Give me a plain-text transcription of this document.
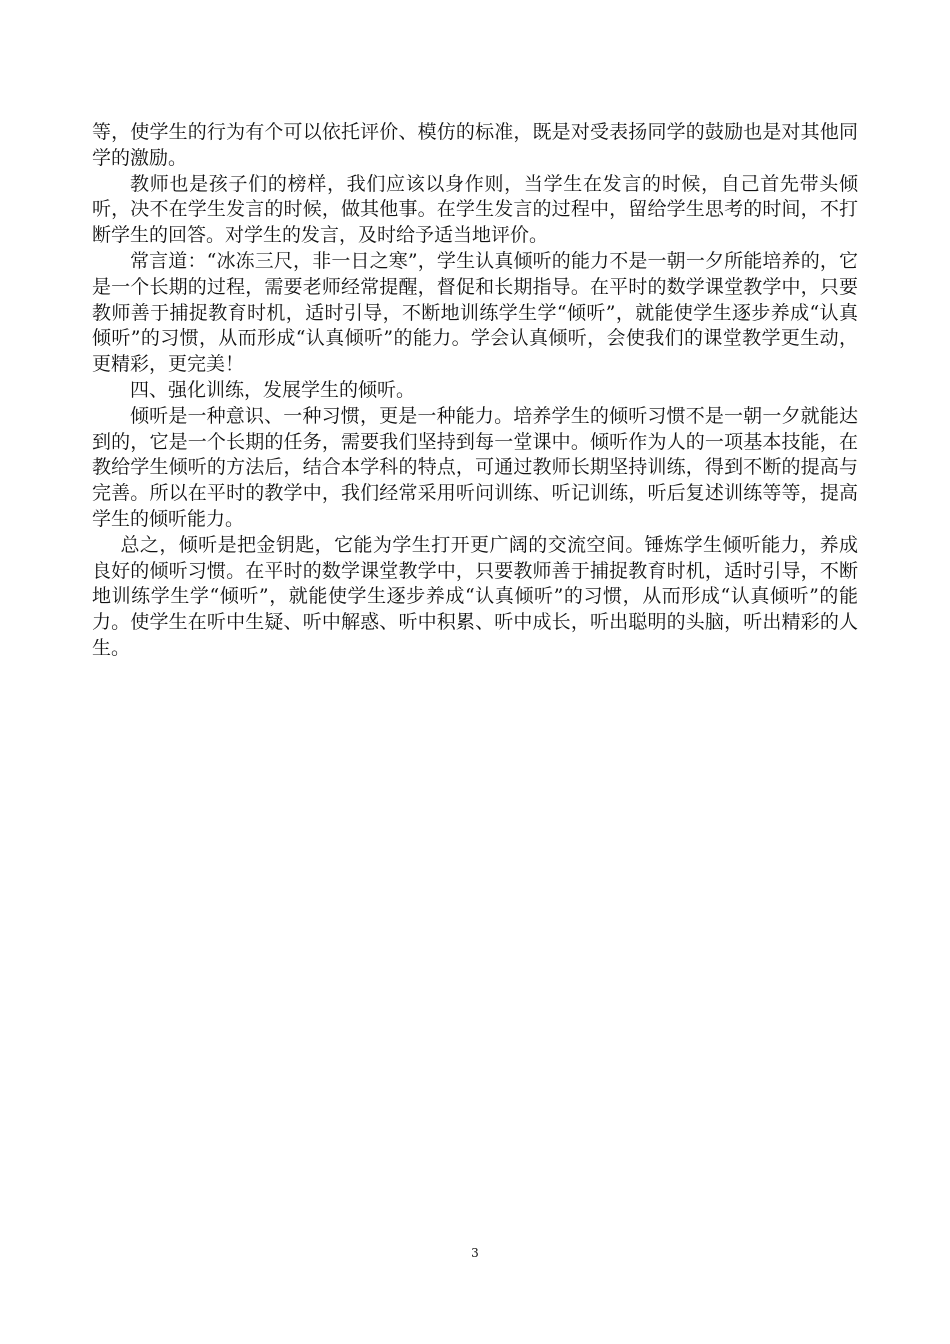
等，使学生的行为有个可以依托评价、模仿的标准，既是对受表扬同学的鼓励也是对其他同学的激励。

教师也是孩子们的榜样，我们应该以身作则，当学生在发言的时候，自己首先带头倾听，决不在学生发言的时候，做其他事。在学生发言的过程中，留给学生思考的时间，不打断学生的回答。对学生的发言，及时给予适当地评价。

常言道：“冰冻三尺，非一日之寒”，学生认真倾听的能力不是一朝一夕所能培养的，它是一个长期的过程，需要老师经常提醒，督促和长期指导。在平时的数学课堂教学中，只要教师善于捕捉教育时机，适时引导，不断地训练学生学“倾听”，就能使学生逐步养成“认真倾听”的习惯，从而形成“认真倾听”的能力。学会认真倾听，会使我们的课堂教学更生动，更精彩，更完美！

四、强化训练，发展学生的倾听。

倾听是一种意识、一种习惯，更是一种能力。培养学生的倾听习惯不是一朝一夕就能达到的，它是一个长期的任务，需要我们坚持到每一堂课中。倾听作为人的一项基本技能，在教给学生倾听的方法后，结合本学科的特点，可通过教师长期坚持训练，得到不断的提高与完善。所以在平时的教学中，我们经常采用听问训练、听记训练，听后复述训练等等，提高学生的倾听能力。

总之，倾听是把金钥匙，它能为学生打开更广阔的交流空间。锤炼学生倾听能力，养成良好的倾听习惯。在平时的数学课堂教学中，只要教师善于捕捉教育时机，适时引导，不断地训练学生学“倾听”，就能使学生逐步养成“认真倾听”的习惯，从而形成“认真倾听”的能力。使学生在听中生疑、听中解惑、听中积累、听中成长，听出聪明的头脑，听出精彩的人生。

3
